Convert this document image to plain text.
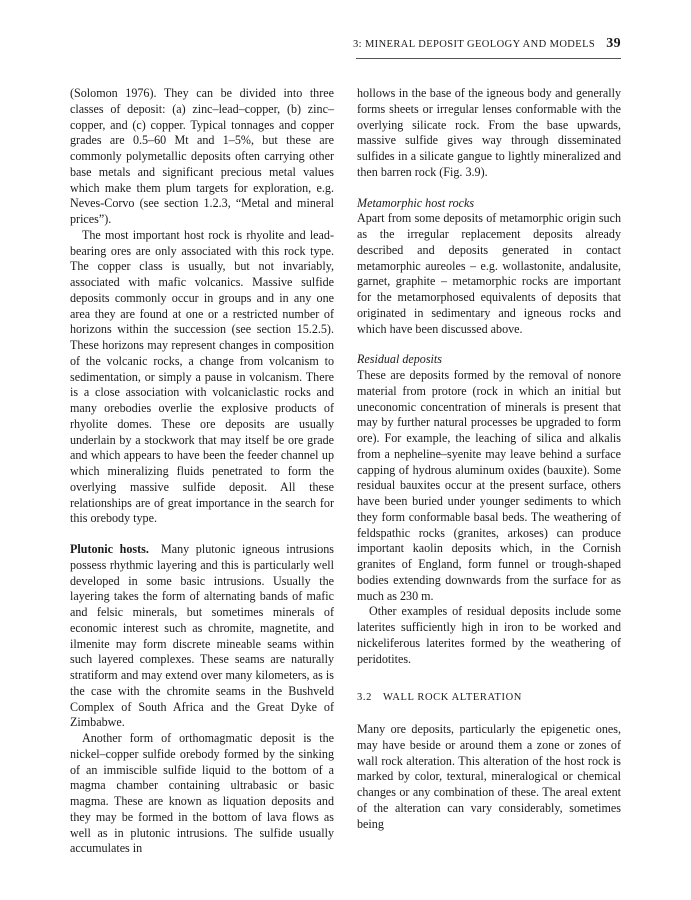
3: MINERAL DEPOSIT GEOLOGY AND MODELS 39

(Solomon 1976). They can be divided into three classes of deposit: (a) zinc–lead–copper, (b) zinc–copper, and (c) copper. Typical tonnages and copper grades are 0.5–60 Mt and 1–5%, but these are commonly polymetallic deposits often carrying other base metals and significant precious metal values which make them plum targets for exploration, e.g. Neves-Corvo (see section 1.2.3, “Metal and mineral prices”).

The most important host rock is rhyolite and lead-bearing ores are only associated with this rock type. The copper class is usually, but not invariably, associated with mafic volcanics. Massive sulfide deposits commonly occur in groups and in any one area they are found at one or a restricted number of horizons within the succession (see section 15.2.5). These horizons may represent changes in composition of the volcanic rocks, a change from volcanism to sedimentation, or simply a pause in volcanism. There is a close association with volcaniclastic rocks and many orebodies overlie the explosive products of rhyolite domes. These ore deposits are usually underlain by a stockwork that may itself be ore grade and which appears to have been the feeder channel up which mineralizing fluids penetrated to form the overlying massive sulfide deposit. All these relationships are of great importance in the search for this orebody type.

Plutonic hosts.  Many plutonic igneous intrusions possess rhythmic layering and this is particularly well developed in some basic intrusions. Usually the layering takes the form of alternating bands of mafic and felsic minerals, but sometimes minerals of economic interest such as chromite, magnetite, and ilmenite may form discrete mineable seams within such layered complexes. These seams are naturally stratiform and may extend over many kilometers, as is the case with the chromite seams in the Bushveld Complex of South Africa and the Great Dyke of Zimbabwe.

Another form of orthomagmatic deposit is the nickel–copper sulfide orebody formed by the sinking of an immiscible sulfide liquid to the bottom of a magma chamber containing ultrabasic or basic magma. These are known as liquation deposits and they may be formed in the bottom of lava flows as well as in plutonic intrusions. The sulfide usually accumulates in

hollows in the base of the igneous body and generally forms sheets or irregular lenses conformable with the overlying silicate rock. From the base upwards, massive sulfide gives way through disseminated sulfides in a silicate gangue to lightly mineralized and then barren rock (Fig. 3.9).

Metamorphic host rocks

Apart from some deposits of metamorphic origin such as the irregular replacement deposits already described and deposits generated in contact metamorphic aureoles – e.g. wollastonite, andalusite, garnet, graphite – metamorphic rocks are important for the metamorphosed equivalents of deposits that originated in sedimentary and igneous rocks and which have been discussed above.

Residual deposits

These are deposits formed by the removal of nonore material from protore (rock in which an initial but uneconomic concentration of minerals is present that may by further natural processes be upgraded to form ore). For example, the leaching of silica and alkalis from a nepheline–syenite may leave behind a surface capping of hydrous aluminum oxides (bauxite). Some residual bauxites occur at the present surface, others have been buried under younger sediments to which they form conformable basal beds. The weathering of feldspathic rocks (granites, arkoses) can produce important kaolin deposits which, in the Cornish granites of England, form funnel or trough-shaped bodies extending downwards from the surface for as much as 230 m.

Other examples of residual deposits include some laterites sufficiently high in iron to be worked and nickeliferous laterites formed by the weathering of peridotites.

3.2 WALL ROCK ALTERATION

Many ore deposits, particularly the epigenetic ones, may have beside or around them a zone or zones of wall rock alteration. This alteration of the host rock is marked by color, textural, mineralogical or chemical changes or any combination of these. The areal extent of the alteration can vary considerably, sometimes being
